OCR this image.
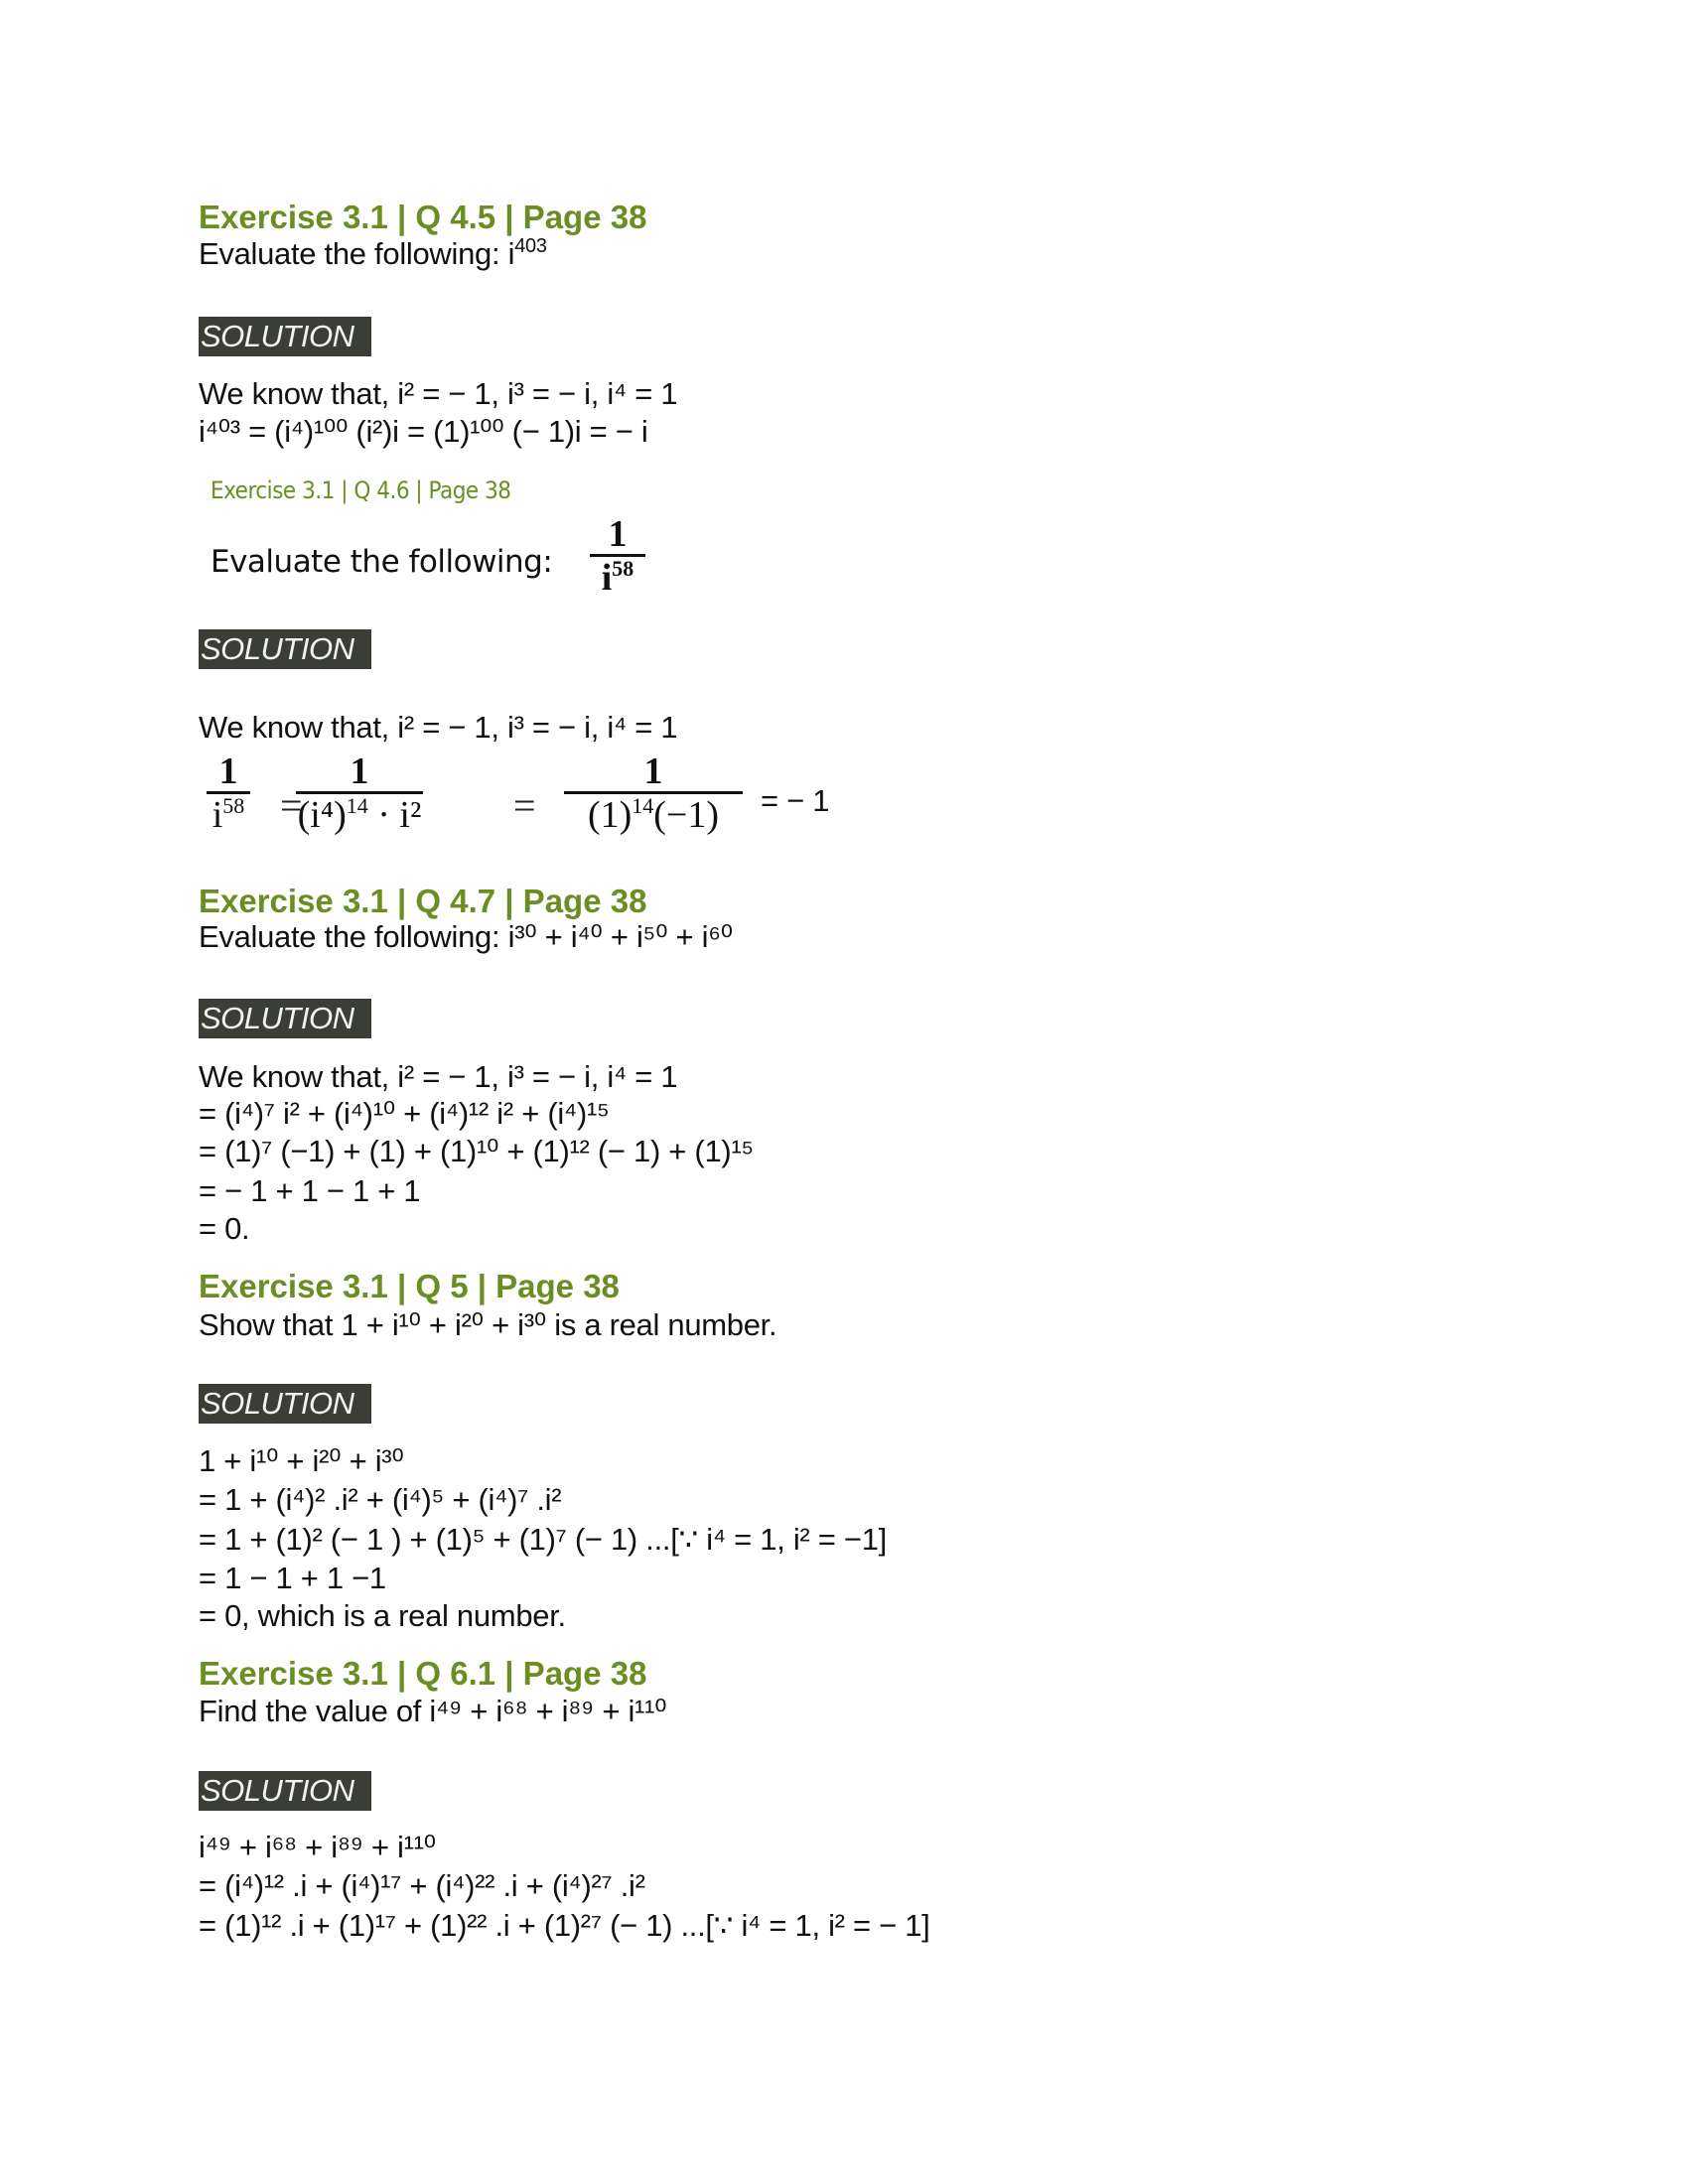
Exercise 3.1 | Q 4.5 | Page 38
Evaluate the following: $i^{403}$
SOLUTION
We know that, i² = − 1, i³ = − i, i⁴ = 1
i⁴⁰³ = (i⁴)¹⁰⁰ (i²)i = (1)¹⁰⁰ (− 1)i = − i
Exercise 3.1 | Q 4.6 | Page 38
Evaluate the following:
1
$i^{58}$
SOLUTION
We know that, i² = − 1, i³ = − i, i⁴ = 1
1
$i^{58}$ =
1
$(i^4)^{14} \cdot i^2$ =
1
$(1)^{14}(-1)$	= − 1
Exercise 3.1 | Q 4.7 | Page 38
Evaluate the following: i³⁰ + i⁴⁰ + i⁵⁰ + i⁶⁰
SOLUTION
We know that, i² = − 1, i³ = − i, i⁴ = 1
= (i⁴)⁷ i² + (i⁴)¹⁰ + (i⁴)¹² i² + (i⁴)¹⁵
= (1)⁷ (−1) + (1) + (1)¹⁰ + (1)¹² (− 1) + (1)¹⁵
= − 1 + 1 − 1 + 1
= 0.
Exercise 3.1 | Q 5 | Page 38
Show that 1 + i¹⁰ + i²⁰ + i³⁰ is a real number.
SOLUTION
1 + i¹⁰ + i²⁰ + i³⁰
= 1 + (i⁴)² .i² + (i⁴)⁵ + (i⁴)⁷ .i²
= 1 + (1)² (− 1 ) + (1)⁵ + (1)⁷ (− 1) ...[∵ i⁴ = 1, i² = −1]
= 1 − 1 + 1 −1
= 0, which is a real number.
Exercise 3.1 | Q 6.1 | Page 38
Find the value of i⁴⁹ + i⁶⁸ + i⁸⁹ + i¹¹⁰
SOLUTION
i⁴⁹ + i⁶⁸ + i⁸⁹ + i¹¹⁰
= (i⁴)¹² .i + (i⁴)¹⁷ + (i⁴)²² .i + (i⁴)²⁷ .i²
= (1)¹² .i + (1)¹⁷ + (1)²² .i + (1)²⁷ (− 1) ...[∵ i⁴ = 1, i² = − 1]
